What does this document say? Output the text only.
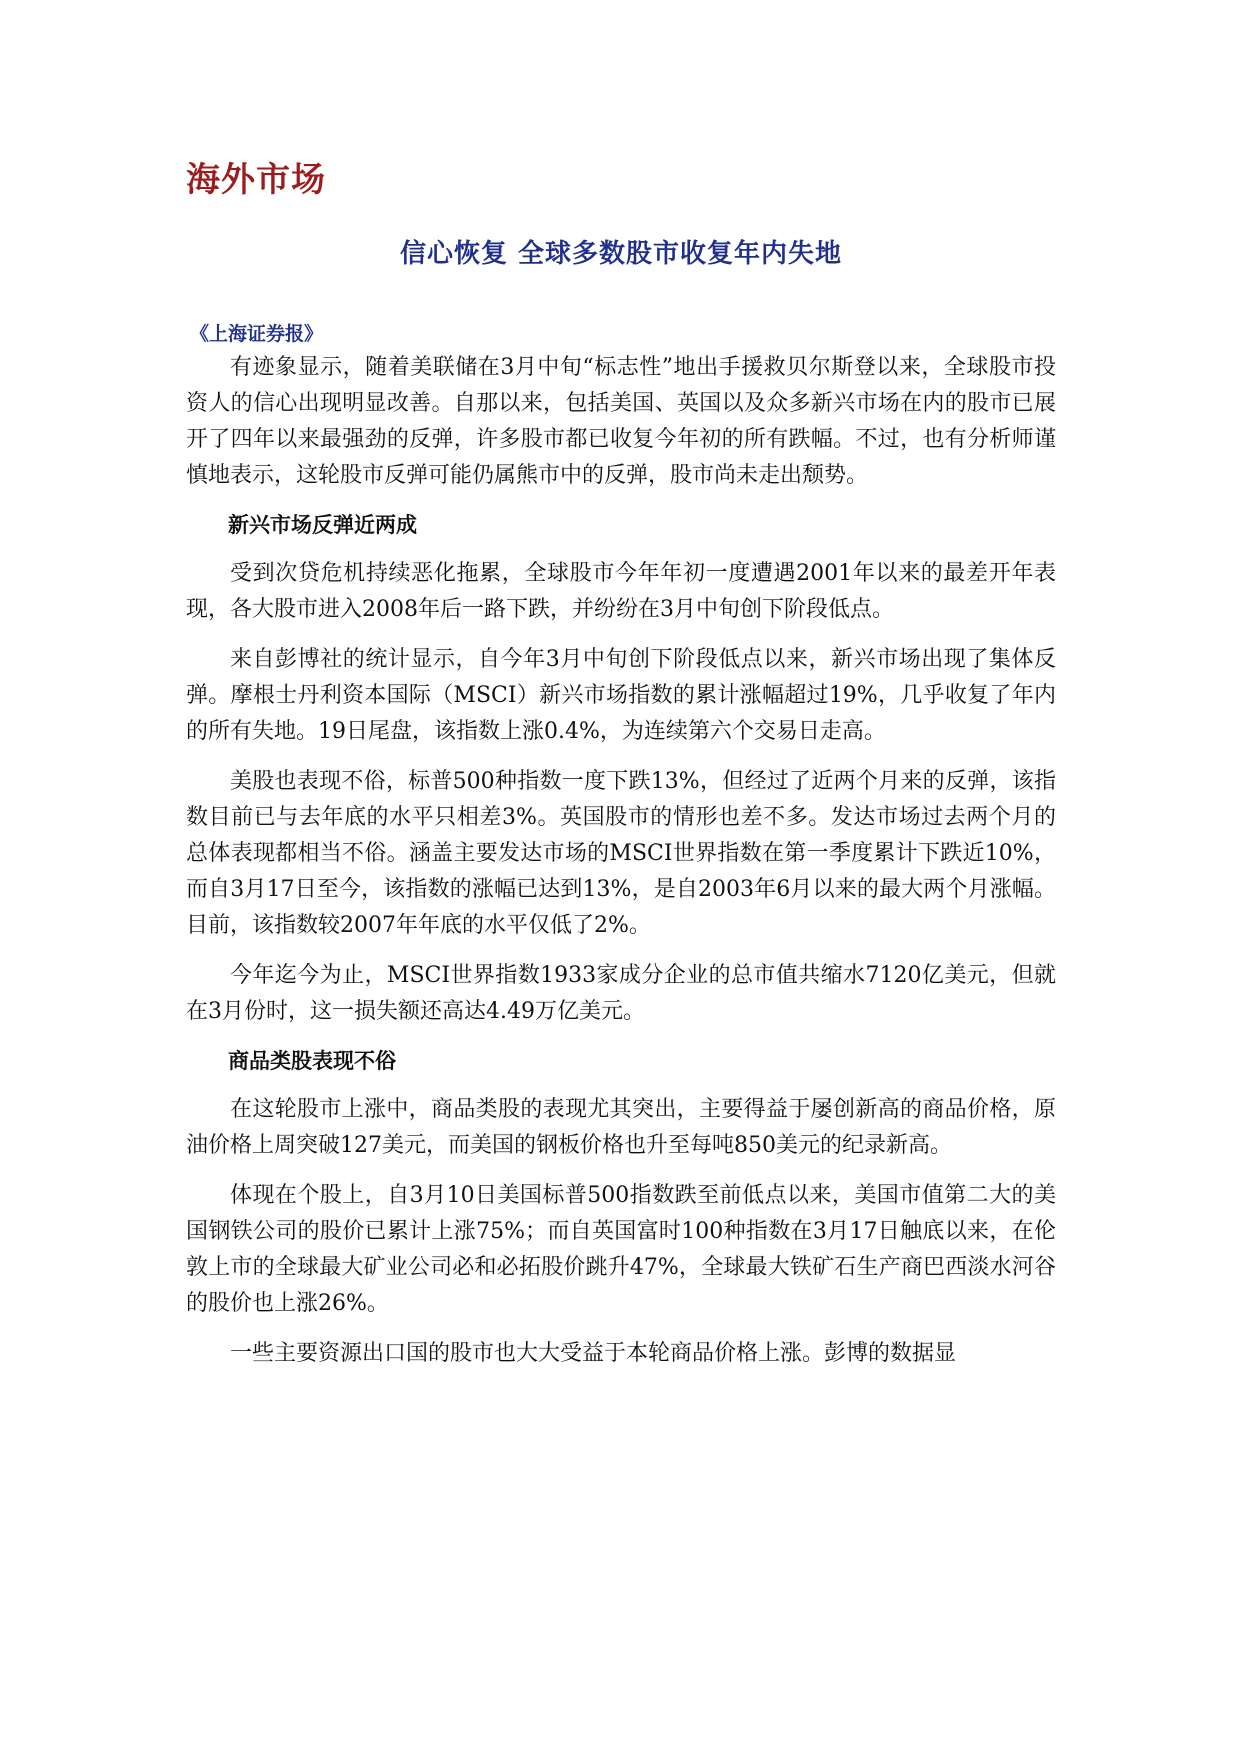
海外市场
信心恢复 全球多数股市收复年内失地
《上海证券报》

有迹象显示，随着美联储在3月中旬“标志性”地出手援救贝尔斯登以来，全球股市投资人的信心出现明显改善。自那以来，包括美国、英国以及众多新兴市场在内的股市已展开了四年以来最强劲的反弹，许多股市都已收复今年初的所有跌幅。不过，也有分析师谨慎地表示，这轮股市反弹可能仍属熊市中的反弹，股市尚未走出颓势。

新兴市场反弹近两成

受到次贷危机持续恶化拖累，全球股市今年年初一度遭遇2001年以来的最差开年表现，各大股市进入2008年后一路下跌，并纷纷在3月中旬创下阶段低点。

来自彭博社的统计显示，自今年3月中旬创下阶段低点以来，新兴市场出现了集体反弹。摩根士丹利资本国际（MSCI）新兴市场指数的累计涨幅超过19%，几乎收复了年内的所有失地。19日尾盘，该指数上涨0.4%，为连续第六个交易日走高。

美股也表现不俗，标普500种指数一度下跌13%，但经过了近两个月来的反弹，该指数目前已与去年底的水平只相差3%。英国股市的情形也差不多。发达市场过去两个月的总体表现都相当不俗。涵盖主要发达市场的MSCI世界指数在第一季度累计下跌近10%，而自3月17日至今，该指数的涨幅已达到13%，是自2003年6月以来的最大两个月涨幅。目前，该指数较2007年年底的水平仅低了2%。

今年迄今为止，MSCI世界指数1933家成分企业的总市值共缩水7120亿美元，但就在3月份时，这一损失额还高达4.49万亿美元。

商品类股表现不俗

在这轮股市上涨中，商品类股的表现尤其突出，主要得益于屡创新高的商品价格，原油价格上周突破127美元，而美国的钢板价格也升至每吨850美元的纪录新高。

体现在个股上，自3月10日美国标普500指数跌至前低点以来，美国市值第二大的美国钢铁公司的股价已累计上涨75%；而自英国富时100种指数在3月17日触底以来，在伦敦上市的全球最大矿业公司必和必拓股价跳升47%，全球最大铁矿石生产商巴西淡水河谷的股价也上涨26%。

一些主要资源出口国的股市也大大受益于本轮商品价格上涨。彭博的数据显
